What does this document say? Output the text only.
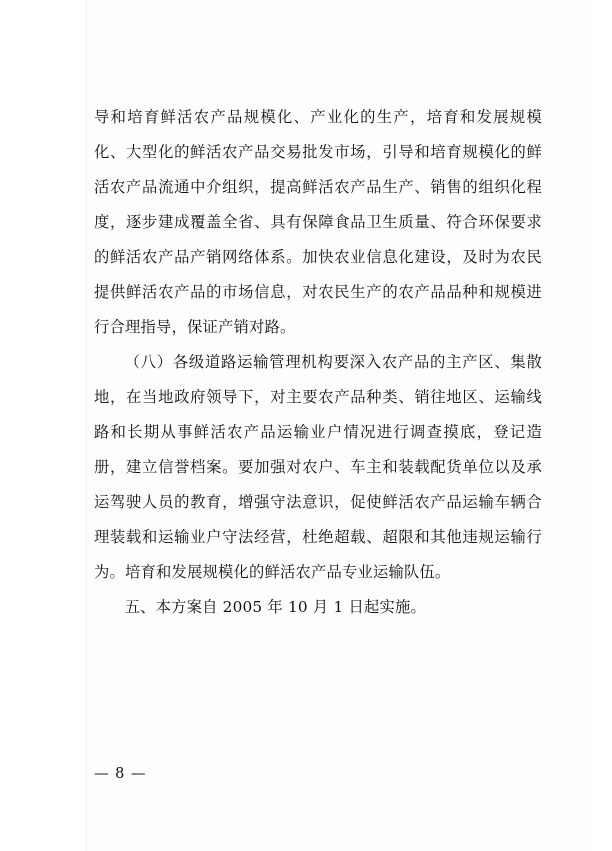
导和培育鲜活农产品规模化、产业化的生产，培育和发展规模化、大型化的鲜活农产品交易批发市场，引导和培育规模化的鲜活农产品流通中介组织，提高鲜活农产品生产、销售的组织化程度，逐步建成覆盖全省、具有保障食品卫生质量、符合环保要求的鲜活农产品产销网络体系。加快农业信息化建设，及时为农民提供鲜活农产品的市场信息，对农民生产的农产品品种和规模进行合理指导，保证产销对路。

（八）各级道路运输管理机构要深入农产品的主产区、集散地，在当地政府领导下，对主要农产品种类、销往地区、运输线路和长期从事鲜活农产品运输业户情况进行调查摸底，登记造册，建立信誉档案。要加强对农户、车主和装载配货单位以及承运驾驶人员的教育，增强守法意识，促使鲜活农产品运输车辆合理装载和运输业户守法经营，杜绝超载、超限和其他违规运输行为。培育和发展规模化的鲜活农产品专业运输队伍。

五、本方案自 2005 年 10 月 1 日起实施。

— 8 —
